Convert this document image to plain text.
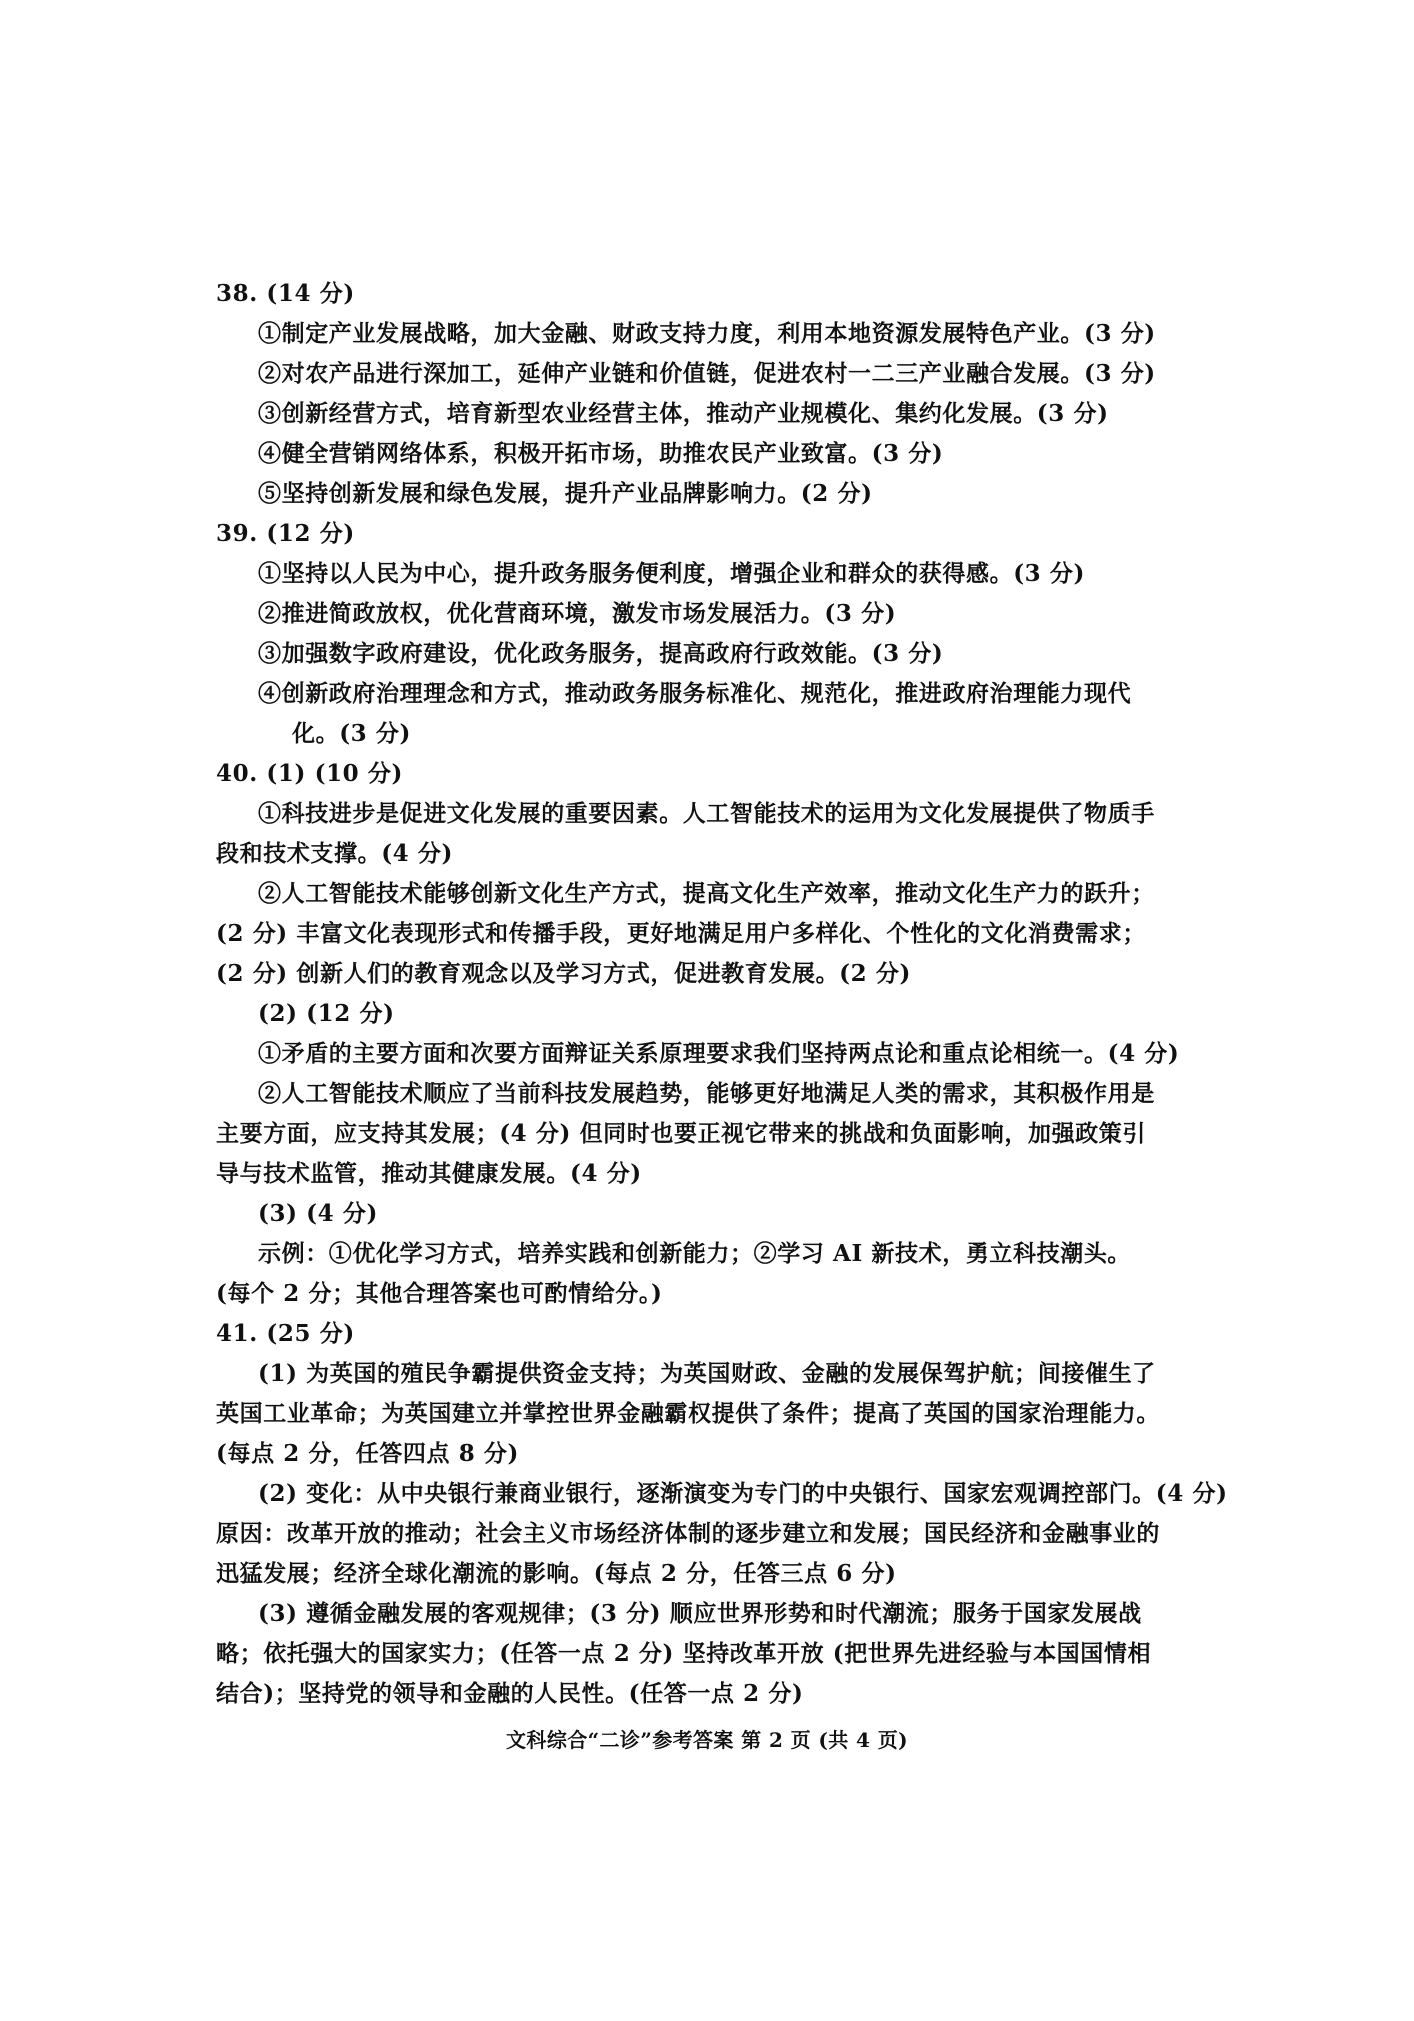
38. (14 分)
①制定产业发展战略，加大金融、财政支持力度，利用本地资源发展特色产业。(3 分)
②对农产品进行深加工，延伸产业链和价值链，促进农村一二三产业融合发展。(3 分)
③创新经营方式，培育新型农业经营主体，推动产业规模化、集约化发展。(3 分)
④健全营销网络体系，积极开拓市场，助推农民产业致富。(3 分)
⑤坚持创新发展和绿色发展，提升产业品牌影响力。(2 分)
39. (12 分)
①坚持以人民为中心，提升政务服务便利度，增强企业和群众的获得感。(3 分)
②推进简政放权，优化营商环境，激发市场发展活力。(3 分)
③加强数字政府建设，优化政务服务，提高政府行政效能。(3 分)
④创新政府治理理念和方式，推动政务服务标准化、规范化，推进政府治理能力现代
化。(3 分)
40. (1) (10 分)
①科技进步是促进文化发展的重要因素。人工智能技术的运用为文化发展提供了物质手
段和技术支撑。(4 分)
②人工智能技术能够创新文化生产方式，提高文化生产效率，推动文化生产力的跃升；
(2 分) 丰富文化表现形式和传播手段，更好地满足用户多样化、个性化的文化消费需求；
(2 分) 创新人们的教育观念以及学习方式，促进教育发展。(2 分)
(2) (12 分)
①矛盾的主要方面和次要方面辩证关系原理要求我们坚持两点论和重点论相统一。(4 分)
②人工智能技术顺应了当前科技发展趋势，能够更好地满足人类的需求，其积极作用是
主要方面，应支持其发展；(4 分) 但同时也要正视它带来的挑战和负面影响，加强政策引
导与技术监管，推动其健康发展。(4 分)
(3) (4 分)
示例：①优化学习方式，培养实践和创新能力；②学习 AI 新技术，勇立科技潮头。
(每个 2 分；其他合理答案也可酌情给分。)
41. (25 分)
(1) 为英国的殖民争霸提供资金支持；为英国财政、金融的发展保驾护航；间接催生了
英国工业革命；为英国建立并掌控世界金融霸权提供了条件；提高了英国的国家治理能力。
(每点 2 分，任答四点 8 分)
(2) 变化：从中央银行兼商业银行，逐渐演变为专门的中央银行、国家宏观调控部门。(4 分)
原因：改革开放的推动；社会主义市场经济体制的逐步建立和发展；国民经济和金融事业的
迅猛发展；经济全球化潮流的影响。(每点 2 分，任答三点 6 分)
(3) 遵循金融发展的客观规律；(3 分) 顺应世界形势和时代潮流；服务于国家发展战
略；依托强大的国家实力；(任答一点 2 分) 坚持改革开放 (把世界先进经验与本国国情相
结合)；坚持党的领导和金融的人民性。(任答一点 2 分)
文科综合“二诊”参考答案 第 2 页 (共 4 页)
